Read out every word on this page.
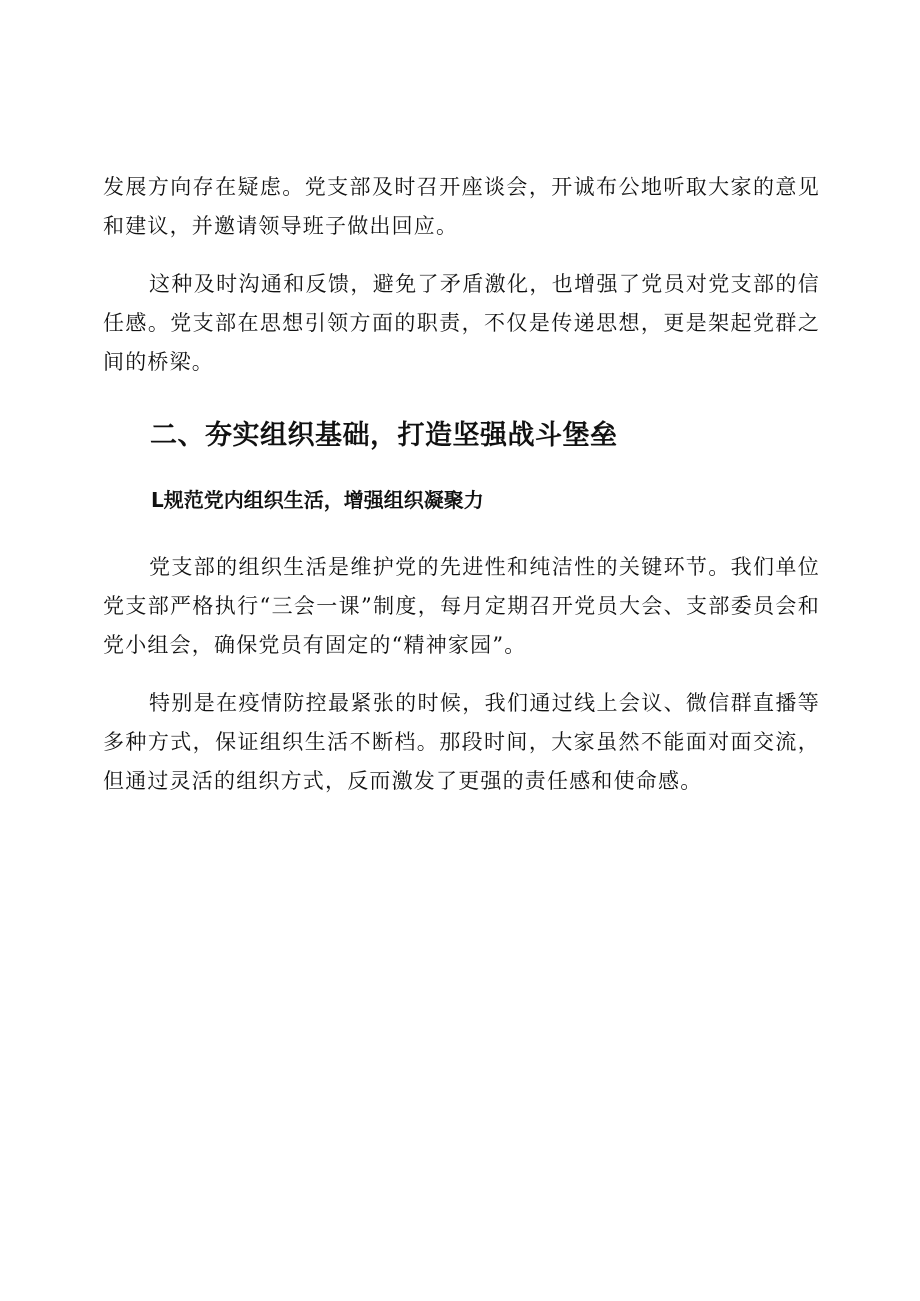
发展方向存在疑虑。党支部及时召开座谈会，开诚布公地听取大家的意见和建议，并邀请领导班子做出回应。

这种及时沟通和反馈，避免了矛盾激化，也增强了党员对党支部的信任感。党支部在思想引领方面的职责，不仅是传递思想，更是架起党群之间的桥梁。

二、夯实组织基础，打造坚强战斗堡垒
L规范党内组织生活，增强组织凝聚力

党支部的组织生活是维护党的先进性和纯洁性的关键环节。我们单位党支部严格执行“三会一课”制度，每月定期召开党员大会、支部委员会和党小组会，确保党员有固定的“精神家园”。

特别是在疫情防控最紧张的时候，我们通过线上会议、微信群直播等多种方式，保证组织生活不断档。那段时间，大家虽然不能面对面交流，但通过灵活的组织方式，反而激发了更强的责任感和使命感。
